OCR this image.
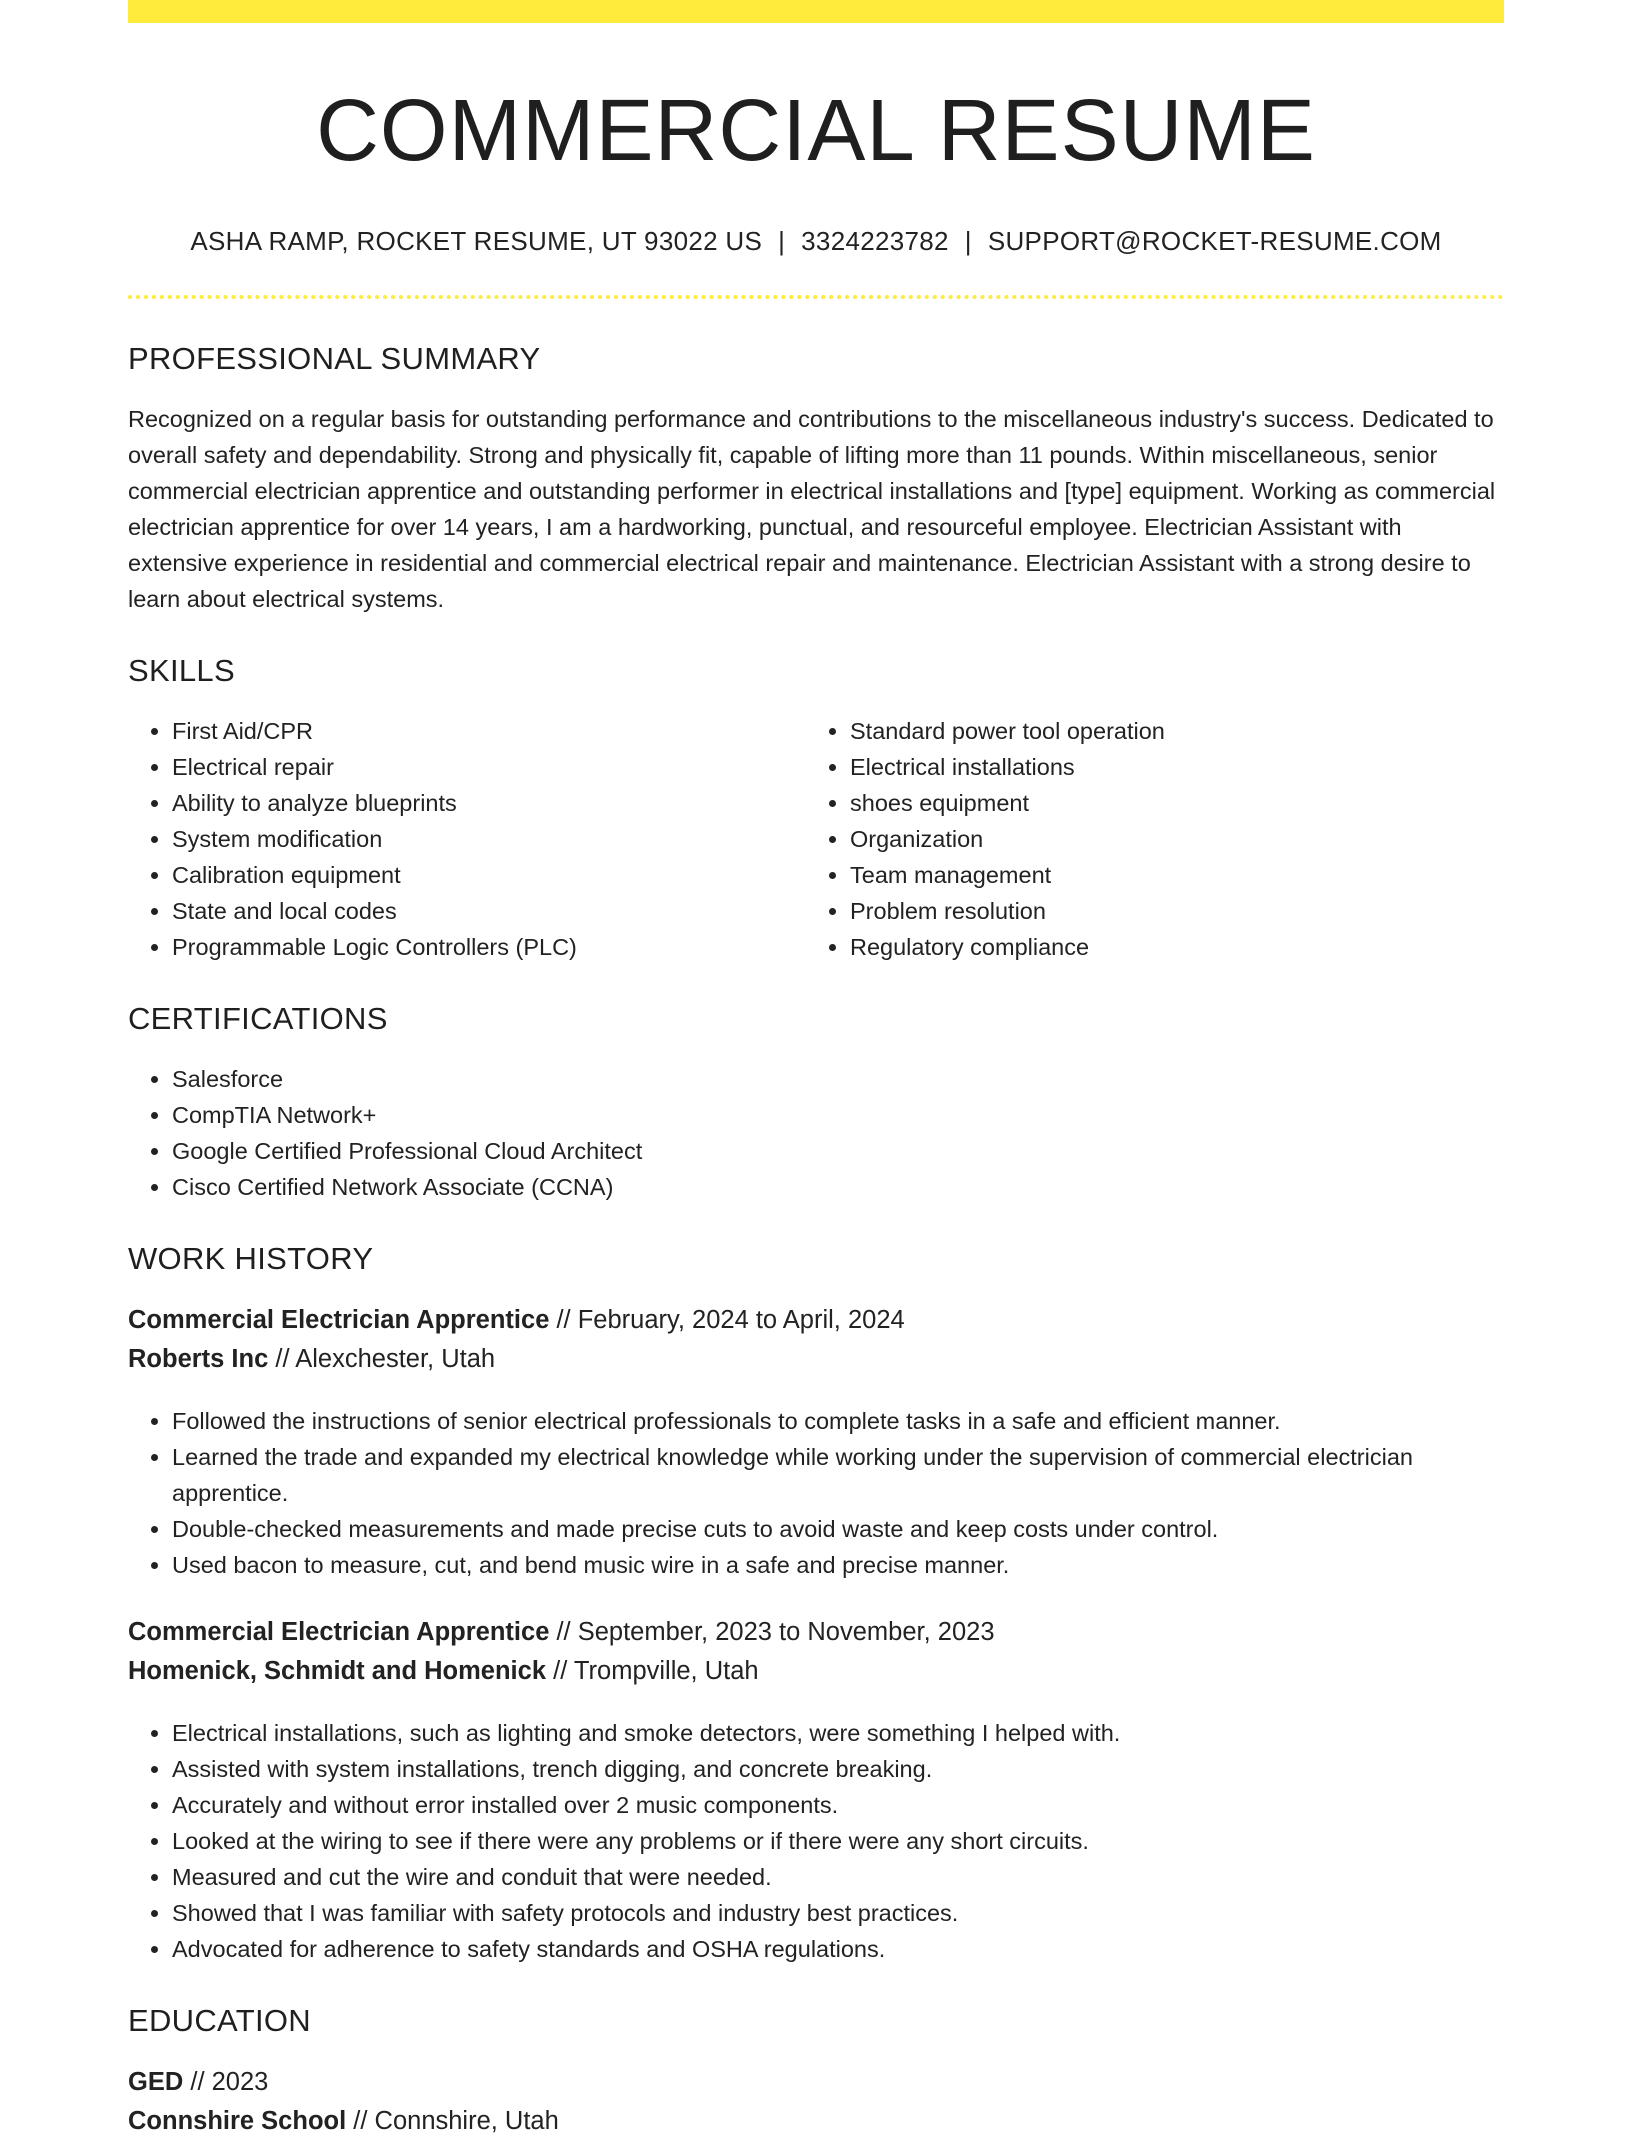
COMMERCIAL RESUME
ASHA RAMP, ROCKET RESUME, UT 93022 US | 3324223782 | SUPPORT@ROCKET-RESUME.COM
PROFESSIONAL SUMMARY

Recognized on a regular basis for outstanding performance and contributions to the miscellaneous industry's success. Dedicated to overall safety and dependability. Strong and physically fit, capable of lifting more than 11 pounds. Within miscellaneous, senior commercial electrician apprentice and outstanding performer in electrical installations and [type] equipment. Working as commercial electrician apprentice for over 14 years, I am a hardworking, punctual, and resourceful employee. Electrician Assistant with extensive experience in residential and commercial electrical repair and maintenance. Electrician Assistant with a strong desire to learn about electrical systems.

SKILLS
• First Aid/CPR
• Electrical repair
• Ability to analyze blueprints
• System modification
• Calibration equipment
• State and local codes
• Programmable Logic Controllers (PLC)
• Standard power tool operation
• Electrical installations
• shoes equipment
• Organization
• Team management
• Problem resolution
• Regulatory compliance
CERTIFICATIONS
• Salesforce
• CompTIA Network+
• Google Certified Professional Cloud Architect
• Cisco Certified Network Associate (CCNA)
WORK HISTORY

Commercial Electrician Apprentice // February, 2024 to April, 2024

Roberts Inc // Alexchester, Utah

• Followed the instructions of senior electrical professionals to complete tasks in a safe and efficient manner.
• Learned the trade and expanded my electrical knowledge while working under the supervision of commercial electrician apprentice.
• Double-checked measurements and made precise cuts to avoid waste and keep costs under control.
• Used bacon to measure, cut, and bend music wire in a safe and precise manner.

Commercial Electrician Apprentice // September, 2023 to November, 2023

Homenick, Schmidt and Homenick // Trompville, Utah

• Electrical installations, such as lighting and smoke detectors, were something I helped with.
• Assisted with system installations, trench digging, and concrete breaking.
• Accurately and without error installed over 2 music components.
• Looked at the wiring to see if there were any problems or if there were any short circuits.
• Measured and cut the wire and conduit that were needed.
• Showed that I was familiar with safety protocols and industry best practices.
• Advocated for adherence to safety standards and OSHA regulations.
EDUCATION

GED // 2023

Connshire School // Connshire, Utah
